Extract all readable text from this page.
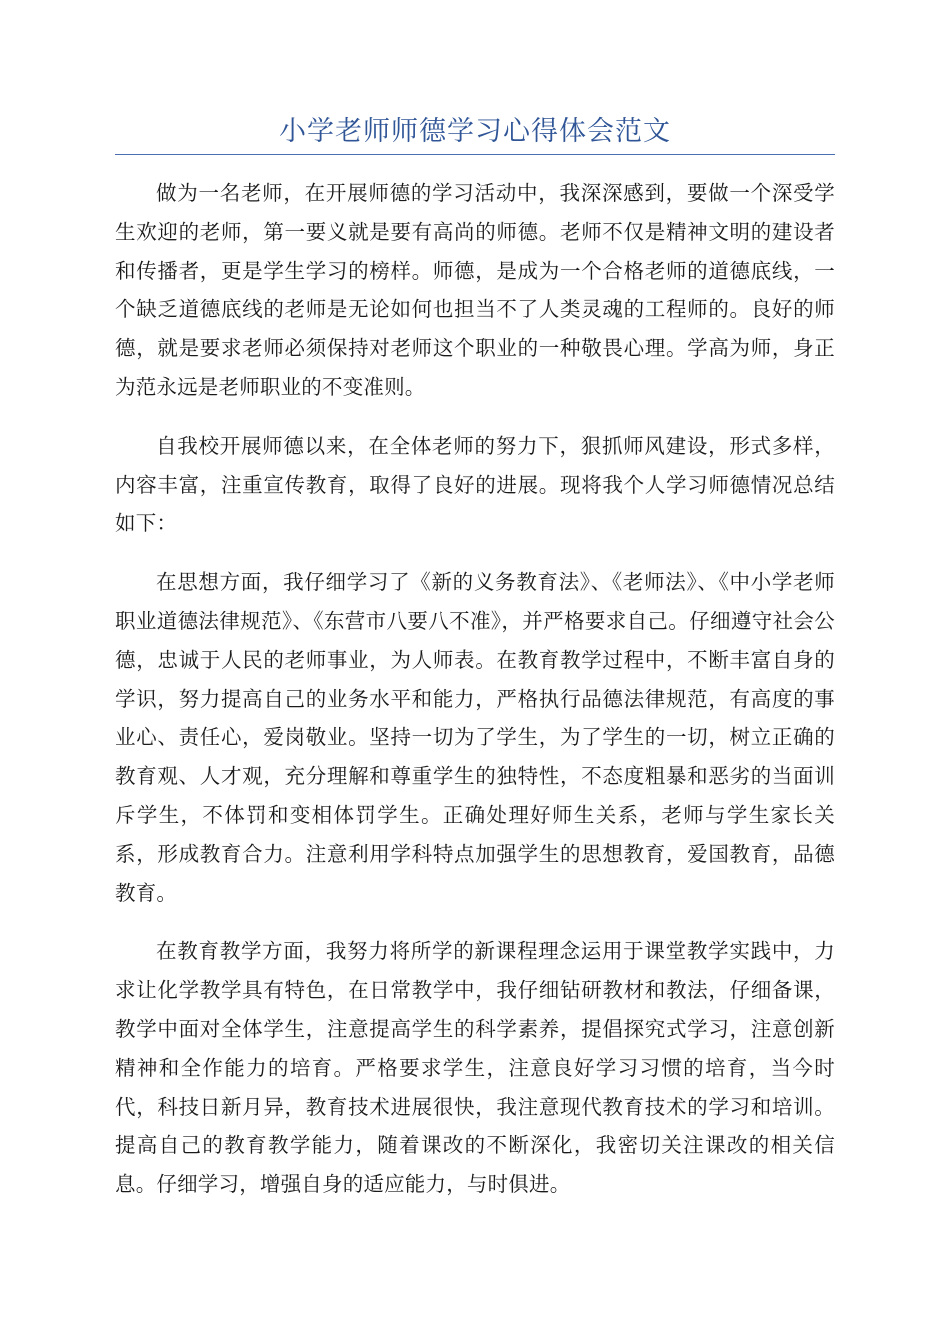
小学老师师德学习心得体会范文

做为一名老师，在开展师德的学习活动中，我深深感到，要做一个深受学生欢迎的老师，第一要义就是要有高尚的师德。老师不仅是精神文明的建设者和传播者，更是学生学习的榜样。师德，是成为一个合格老师的道德底线，一个缺乏道德底线的老师是无论如何也担当不了人类灵魂的工程师的。良好的师德，就是要求老师必须保持对老师这个职业的一种敬畏心理。学高为师，身正为范永远是老师职业的不变准则。

自我校开展师德以来，在全体老师的努力下，狠抓师风建设，形式多样，内容丰富，注重宣传教育，取得了良好的进展。现将我个人学习师德情况总结如下：

在思想方面，我仔细学习了《新的义务教育法》、《老师法》、《中小学老师职业道德法律规范》、《东营市八要八不准》，并严格要求自己。仔细遵守社会公德，忠诚于人民的老师事业，为人师表。在教育教学过程中，不断丰富自身的学识，努力提高自己的业务水平和能力，严格执行品德法律规范，有高度的事业心、责任心，爱岗敬业。坚持一切为了学生，为了学生的一切，树立正确的教育观、人才观，充分理解和尊重学生的独特性，不态度粗暴和恶劣的当面训斥学生，不体罚和变相体罚学生。正确处理好师生关系，老师与学生家长关系，形成教育合力。注意利用学科特点加强学生的思想教育，爱国教育，品德教育。

在教育教学方面，我努力将所学的新课程理念运用于课堂教学实践中，力求让化学教学具有特色，在日常教学中，我仔细钻研教材和教法，仔细备课，教学中面对全体学生，注意提高学生的科学素养，提倡探究式学习，注意创新精神和全作能力的培育。严格要求学生，注意良好学习习惯的培育，当今时代，科技日新月异，教育技术进展很快，我注意现代教育技术的学习和培训。提高自己的教育教学能力，随着课改的不断深化，我密切关注课改的相关信息。仔细学习，增强自身的适应能力，与时俱进。
